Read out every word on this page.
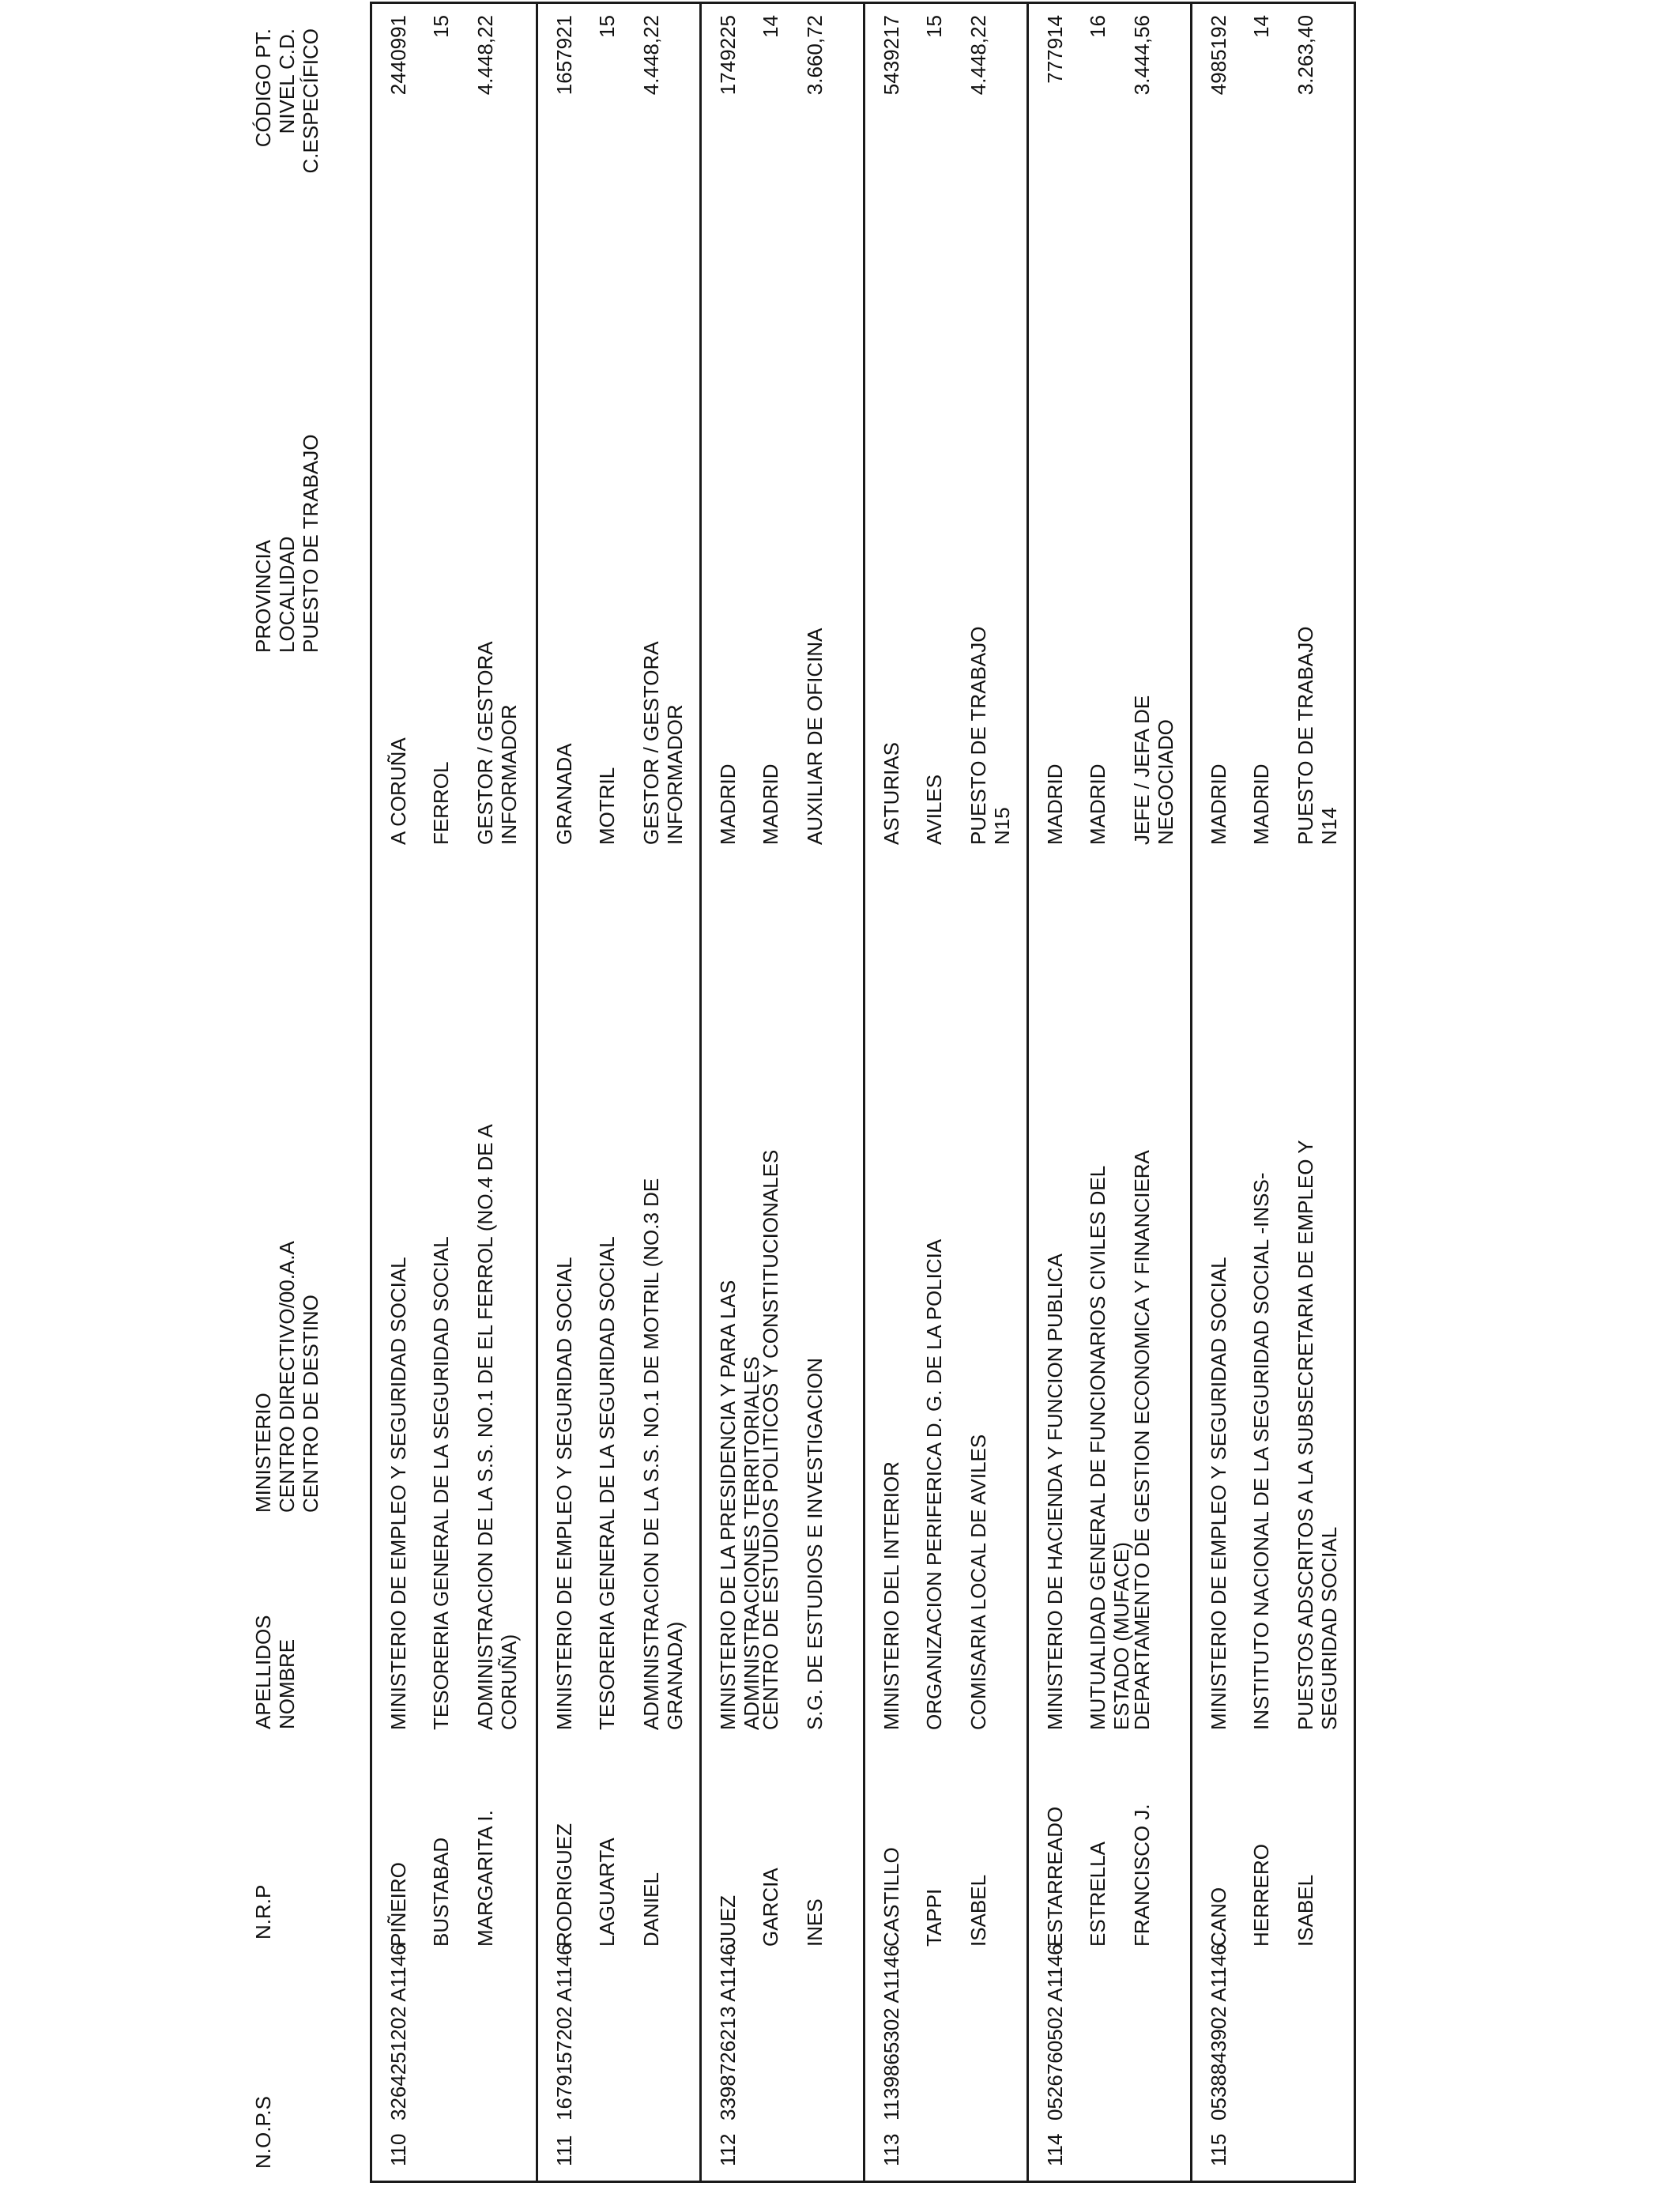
N.O.P.S
N.R.P
APELLIDOS NOMBRE
MINISTERIO CENTRO DIRECTIVO/00.A.A CENTRO DE DESTINO
PROVINCIA LOCALIDAD PUESTO DE TRABAJO
CÓDIGO PT. NIVEL C.D. C.ESPECÍFICO
110
3264251202 A1146
PIÑEIRO BUSTABAD MARGARITA I.
MINISTERIO DE EMPLEO Y SEGURIDAD SOCIAL TESORERIA GENERAL DE LA SEGURIDAD SOCIAL ADMINISTRACION DE LA S.S. NO.1 DE EL FERROL (NO.4 DE A CORUÑA)
A CORUÑA FERROL GESTOR / GESTORA INFORMADOR
2440991 15 4.448,22
111
1679157202 A1146
RODRIGUEZ LAGUARTA DANIEL
MINISTERIO DE EMPLEO Y SEGURIDAD SOCIAL TESORERIA GENERAL DE LA SEGURIDAD SOCIAL ADMINISTRACION DE LA S.S. NO.1 DE MOTRIL (NO.3 DE GRANADA)
GRANADA MOTRIL GESTOR / GESTORA INFORMADOR
1657921 15 4.448,22
112
3398726213 A1146
JUEZ GARCIA INES
MINISTERIO DE LA PRESIDENCIA Y PARA LAS ADMINISTRACIONES TERRITORIALES
CENTRO DE ESTUDIOS POLITICOS Y CONSTITUCIONALES S.G. DE ESTUDIOS E INVESTIGACION
MADRID MADRID AUXILIAR DE OFICINA
1749225 14 3.660,72
113
1139865302 A1146
CASTILLO TAPPI ISABEL
MINISTERIO DEL INTERIOR ORGANIZACION PERIFERICA D. G. DE LA POLICIA COMISARIA LOCAL DE AVILES
ASTURIAS AVILES PUESTO DE TRABAJO N15
5439217 15 4.448,22
114
0526760502 A1146
ESTARREADO ESTRELLA FRANCISCO J.
MINISTERIO DE HACIENDA Y FUNCION PUBLICA MUTUALIDAD GENERAL DE FUNCIONARIOS CIVILES DEL ESTADO (MUFACE)
DEPARTAMENTO DE GESTION ECONOMICA Y FINANCIERA
MADRID MADRID JEFE / JEFA DE NEGOCIADO
777914 16 3.444,56
115
0538843902 A1146
CANO HERRERO ISABEL
MINISTERIO DE EMPLEO Y SEGURIDAD SOCIAL INSTITUTO NACIONAL DE LA SEGURIDAD SOCIAL -INSS- PUESTOS ADSCRITOS A LA SUBSECRETARIA DE EMPLEO Y SEGURIDAD SOCIAL
MADRID MADRID PUESTO DE TRABAJO N14
4985192 14 3.263,40
